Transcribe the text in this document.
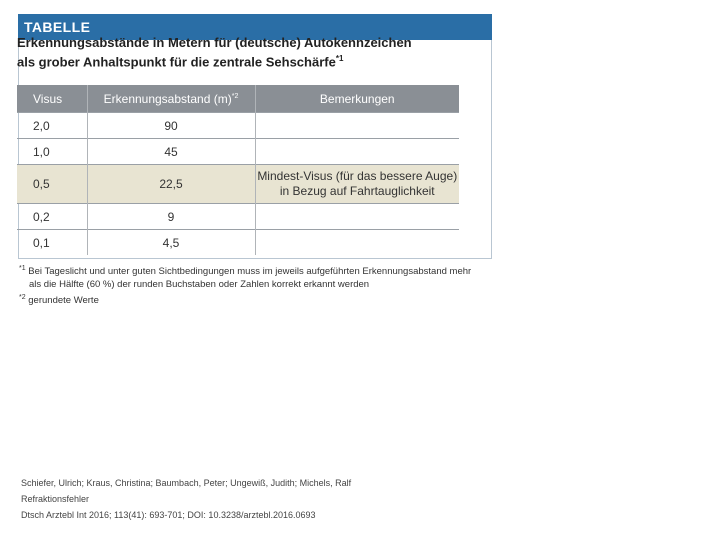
TABELLE
Erkennungsabstände in Metern für (deutsche) Autokennzeichen
als grober Anhaltspunkt für die zentrale Sehschärfe$^{*1}$
Visus	Erkennungsabstand $(m)^{*2}$	Bemerkungen
2,0	90	
1,0	45	
0,5	22,5	Mindest-Visus (für das bessere Auge)
in Bezug auf Fahrtauglichkeit

0,2	9	
0,1	4,5	

$^{*1}$ Bei Tageslicht und unter guten Sichtbedingungen muss im jeweils aufgeführten Erkennungsabstand mehr

als die Hälfte (60 %) der runden Buchstaben oder Zahlen korrekt erkannt werden

$^{*2}$ gerundete Werte

Schiefer, Ulrich; Kraus, Christina; Baumbach, Peter; Ungewiß, Judith; Michels, Ralf

Refraktionsfehler

Dtsch Arztebl Int 2016; 113(41): 693-701; DOI: 10.3238/arztebl.2016.0693
